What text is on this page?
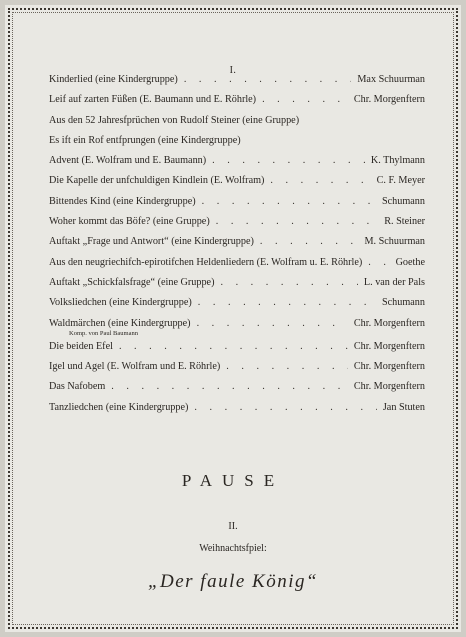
I.
Kinderlied (eine Kindergruppe) . . .	Max Schuurman
Leif auf zarten Füßen (E. Baumann und E. Röhrle) . . .	Chr. Morgenftern
Aus den 52 Jahresfprüchen von Rudolf Steiner (eine Gruppe)
Es ift ein Rof entfprungen (eine Kindergruppe)
Advent (E. Wolfram und E. Baumann) . . .	K. Thylmann
Die Kapelle der unfchuldigen Kindlein (E. Wolfram) . . .	C. F. Meyer
Bittendes Kind (eine Kindergruppe) . . .	Schumann
Woher kommt das Böfe? (eine Gruppe) . . .	R. Steiner
Auftakt „Frage und Antwort“ (eine Kindergruppe) . . .	M. Schuurman
Aus den neugriechifch-epirotifchen Heldenliedern (E. Wolfram u. E. Röhrle) . . .	Goethe
Auftakt „Schickfalsfrage“ (eine Gruppe) . . .	L. van der Pals
Volksliedchen (eine Kindergruppe) . . .	Schumann
Waldmärchen (eine Kindergruppe) . . .	Chr. Morgenftern
Komp. von Paul Baumann
Die beiden Efel . . .	Chr. Morgenftern
Igel und Agel (E. Wolfram und E. Röhrle) . . .	Chr. Morgenftern
Das Nafobem . . .	Chr. Morgenftern
Tanzliedchen (eine Kindergruppe) . . .	Jan Stuten
PAUSE
II.
Weihnachtsfpiel:
„Der faule König“
